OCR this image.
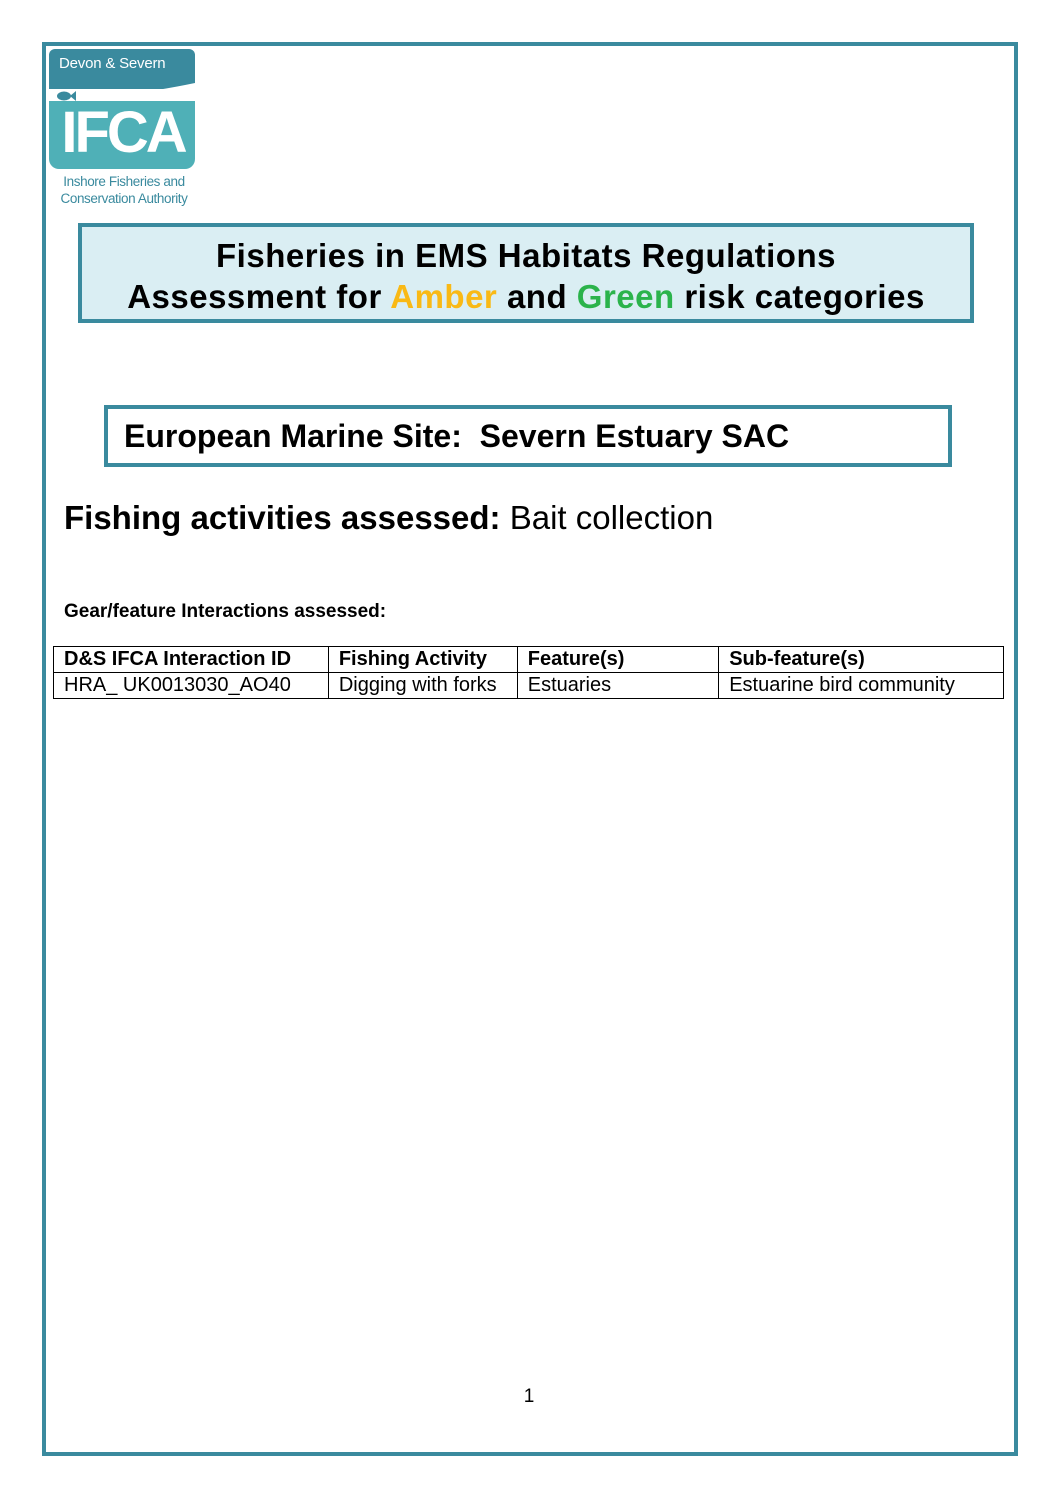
Devon & Severn
IFCA
Inshore Fisheries and
Conservation Authority
Fisheries in EMS Habitats Regulations
Assessment for Amber and Green risk categories
European Marine Site:  Severn Estuary SAC
Fishing activities assessed: Bait collection
Gear/feature Interactions assessed:
D&S IFCA Interaction ID	Fishing Activity	Feature(s)	Sub-feature(s)
HRA_ UK0013030_AO40	Digging with forks	Estuaries	Estuarine bird community
1
